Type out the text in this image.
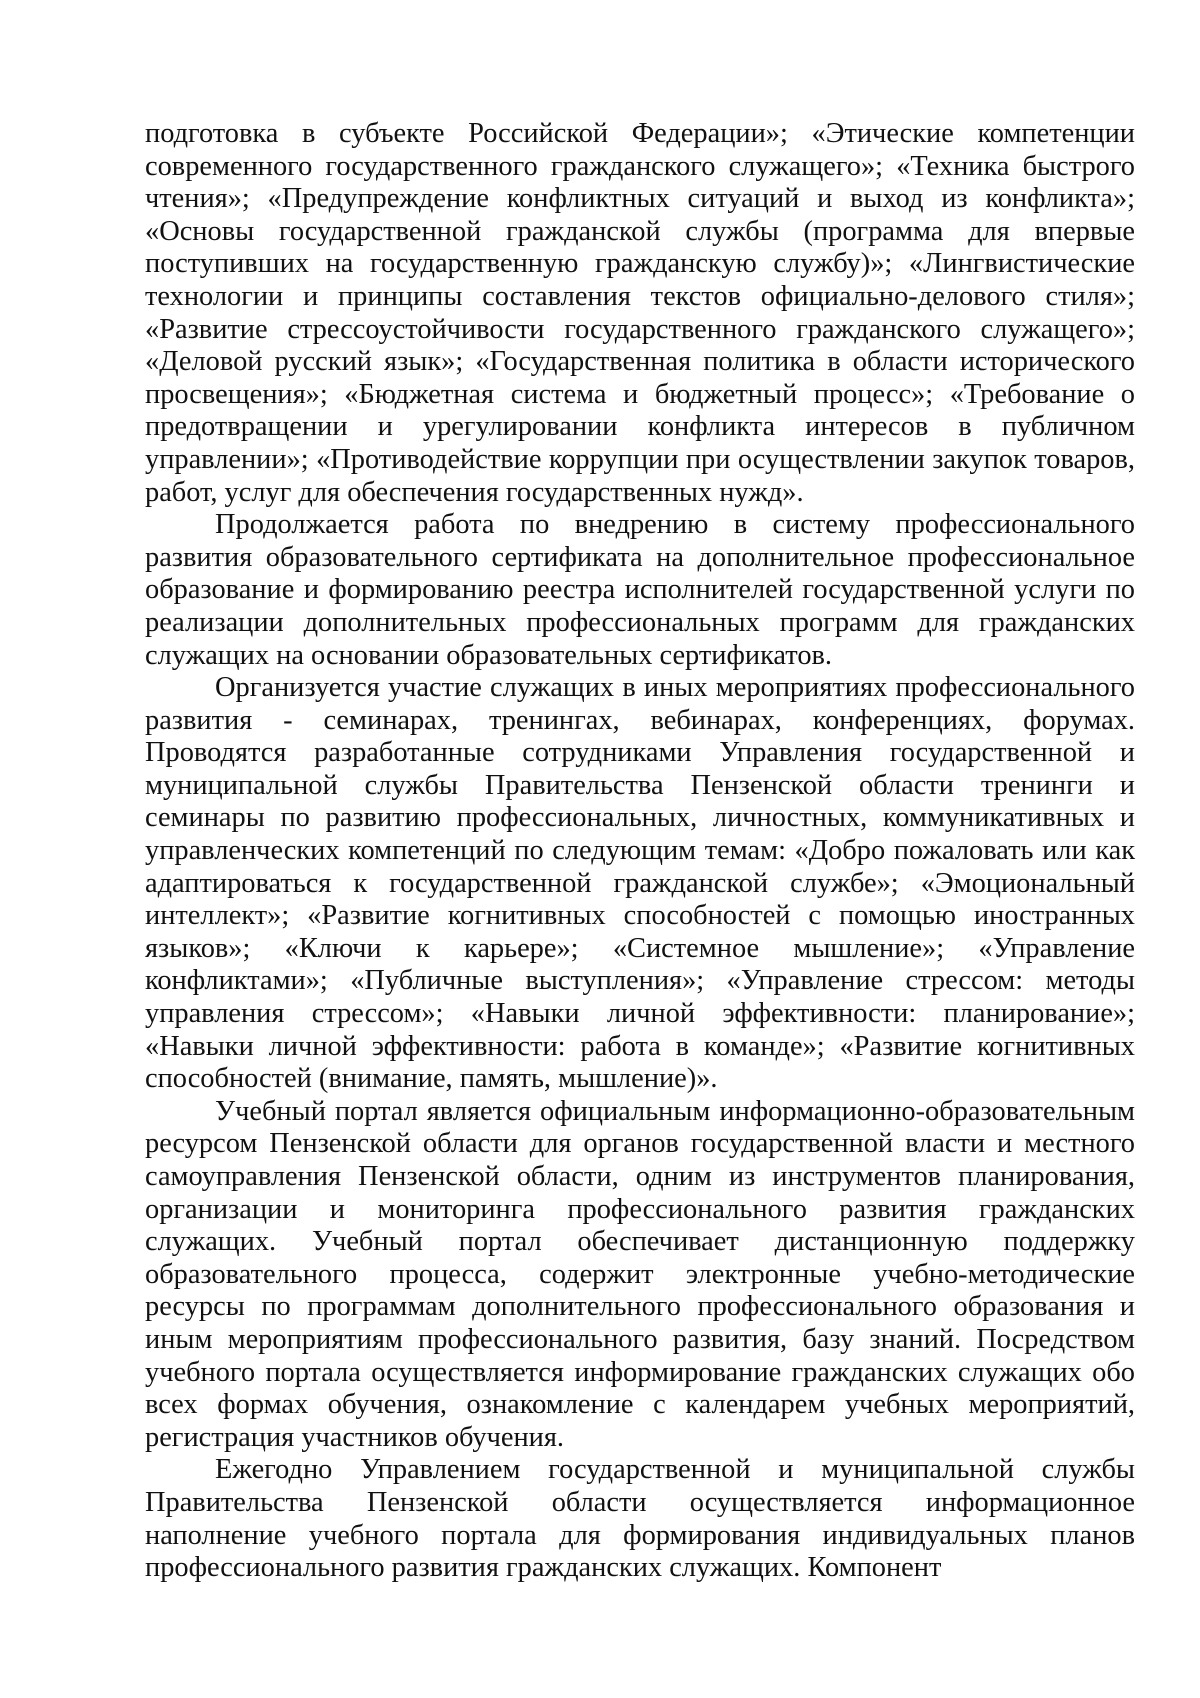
подготовка в субъекте Российской Федерации»; «Этические компетенции современного государственного гражданского служащего»; «Техника быстрого чтения»; «Предупреждение конфликтных ситуаций и выход из конфликта»; «Основы государственной гражданской службы (программа для впервые поступивших на государственную гражданскую службу)»; «Лингвистические технологии и принципы составления текстов официально-делового стиля»; «Развитие стрессоустойчивости государственного гражданского служащего»; «Деловой русский язык»; «Государственная политика в области исторического просвещения»; «Бюджетная система и бюджетный процесс»; «Требование о предотвращении и урегулировании конфликта интересов в публичном управлении»; «Противодействие коррупции при осуществлении закупок товаров, работ, услуг для обеспечения государственных нужд».

Продолжается работа по внедрению в систему профессионального развития образовательного сертификата на дополнительное профессиональное образование и формированию реестра исполнителей государственной услуги по реализации дополнительных профессиональных программ для гражданских служащих на основании образовательных сертификатов.

Организуется участие служащих в иных мероприятиях профессионального развития - семинарах, тренингах, вебинарах, конференциях, форумах. Проводятся разработанные сотрудниками Управления государственной и муниципальной службы Правительства Пензенской области тренинги и семинары по развитию профессиональных, личностных, коммуникативных и управленческих компетенций по следующим темам: «Добро пожаловать или как адаптироваться к государственной гражданской службе»; «Эмоциональный интеллект»; «Развитие когнитивных способностей с помощью иностранных языков»; «Ключи к карьере»; «Системное мышление»; «Управление конфликтами»; «Публичные выступления»; «Управление стрессом: методы управления стрессом»; «Навыки личной эффективности: планирование»; «Навыки личной эффективности: работа в команде»; «Развитие когнитивных способностей (внимание, память, мышление)».

Учебный портал является официальным информационно-образовательным ресурсом Пензенской области для органов государственной власти и местного самоуправления Пензенской области, одним из инструментов планирования, организации и мониторинга профессионального развития гражданских служащих. Учебный портал обеспечивает дистанционную поддержку образовательного процесса, содержит электронные учебно-методические ресурсы по программам дополнительного профессионального образования и иным мероприятиям профессионального развития, базу знаний. Посредством учебного портала осуществляется информирование гражданских служащих обо всех формах обучения, ознакомление с календарем учебных мероприятий, регистрация участников обучения.

Ежегодно Управлением государственной и муниципальной службы Правительства Пензенской области осуществляется информационное наполнение учебного портала для формирования индивидуальных планов профессионального развития гражданских служащих. Компонент
